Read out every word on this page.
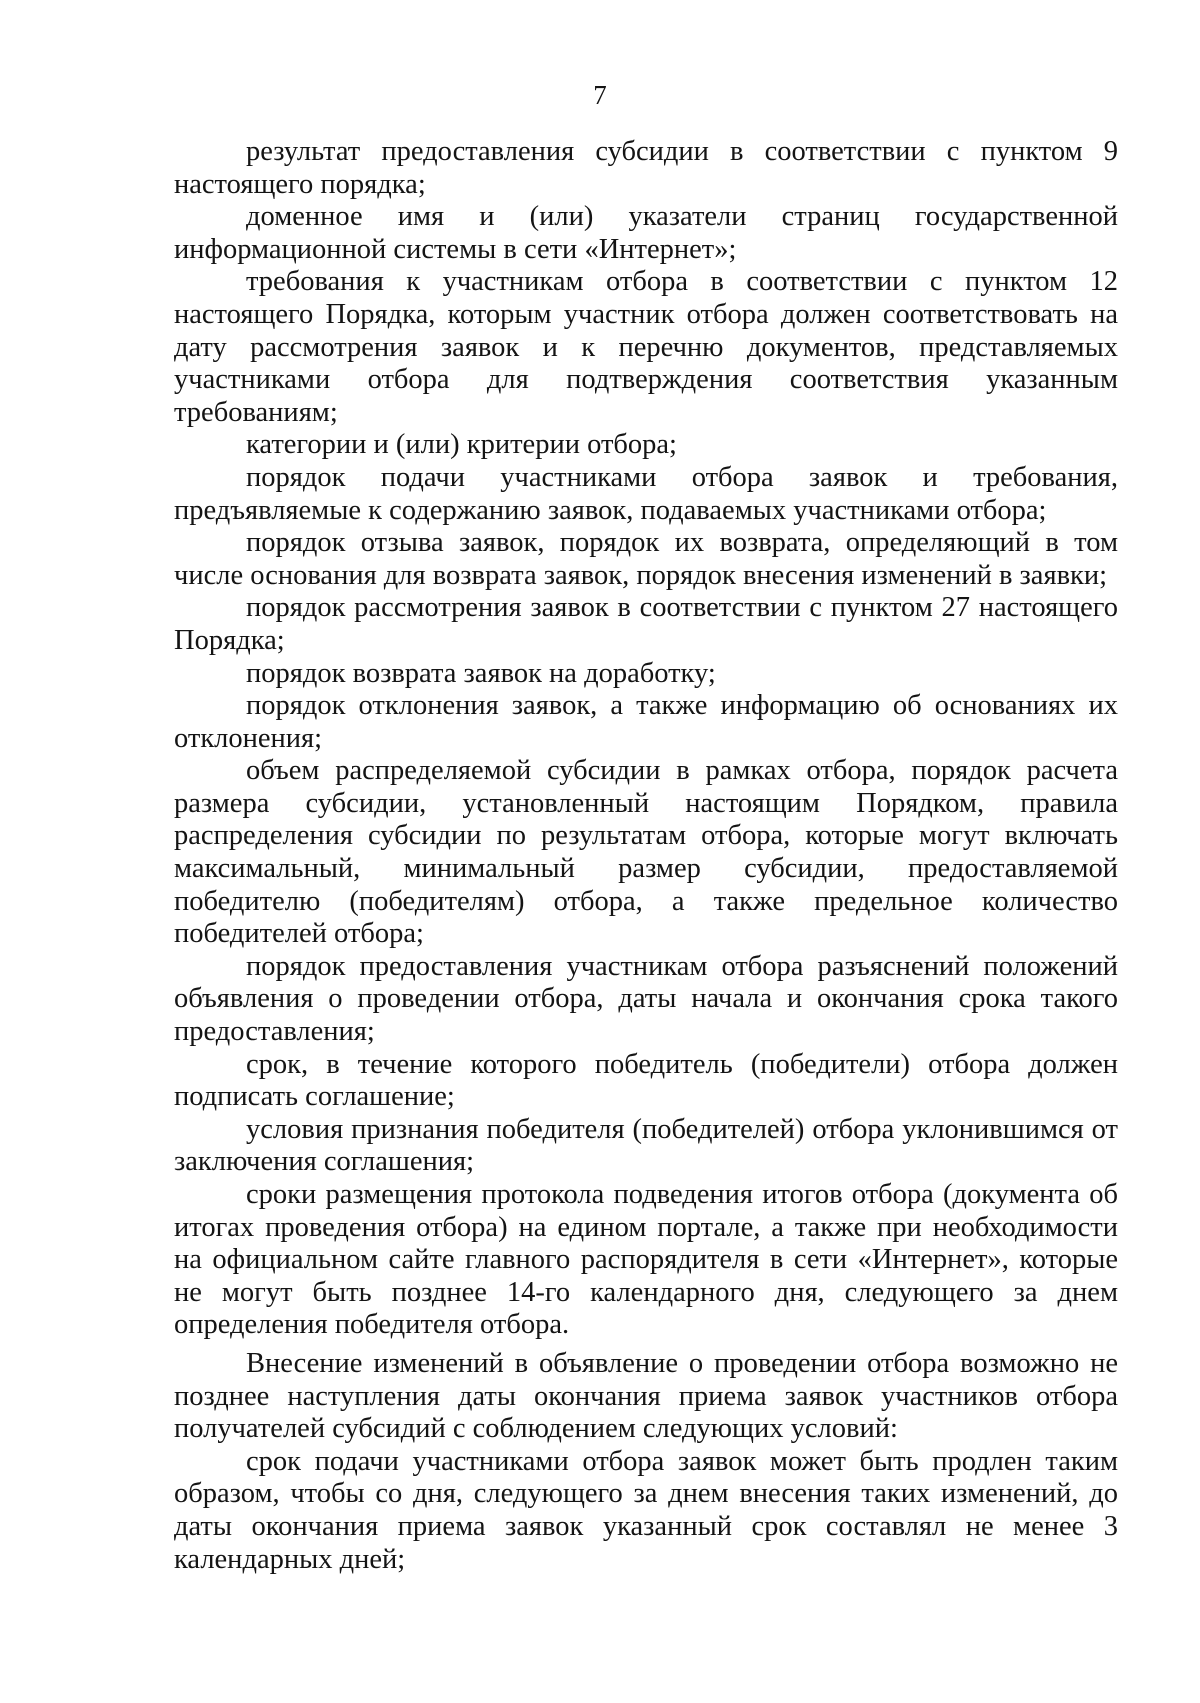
7

результат предоставления субсидии в соответствии с пунктом 9 настоящего порядка;

доменное имя и (или) указатели страниц государственной информационной системы в сети «Интернет»;

требования к участникам отбора в соответствии с пунктом 12 настоящего Порядка, которым участник отбора должен соответствовать на дату рассмотрения заявок и к перечню документов, представляемых участниками отбора для подтверждения соответствия указанным требованиям;

категории и (или) критерии отбора;

порядок подачи участниками отбора заявок и требования, предъявляемые к содержанию заявок, подаваемых участниками отбора;

порядок отзыва заявок, порядок их возврата, определяющий в том числе основания для возврата заявок, порядок внесения изменений в заявки;

порядок рассмотрения заявок в соответствии с пунктом 27 настоящего Порядка;

порядок возврата заявок на доработку;

порядок отклонения заявок, а также информацию об основаниях их отклонения;

объем распределяемой субсидии в рамках отбора, порядок расчета размера субсидии, установленный настоящим Порядком, правила распределения субсидии по результатам отбора, которые могут включать максимальный, минимальный размер субсидии, предоставляемой победителю (победителям) отбора, а также предельное количество победителей отбора;

порядок предоставления участникам отбора разъяснений положений объявления о проведении отбора, даты начала и окончания срока такого предоставления;

срок, в течение которого победитель (победители) отбора должен подписать соглашение;

условия признания победителя (победителей) отбора уклонившимся от заключения соглашения;

сроки размещения протокола подведения итогов отбора (документа об итогах проведения отбора) на едином портале, а также при необходимости на официальном сайте главного распорядителя в сети «Интернет», которые не могут быть позднее 14-го календарного дня, следующего за днем определения победителя отбора.

Внесение изменений в объявление о проведении отбора возможно не позднее наступления даты окончания приема заявок участников отбора получателей субсидий с соблюдением следующих условий:

срок подачи участниками отбора заявок может быть продлен таким образом, чтобы со дня, следующего за днем внесения таких изменений, до даты окончания приема заявок указанный срок составлял не менее 3 календарных дней;
